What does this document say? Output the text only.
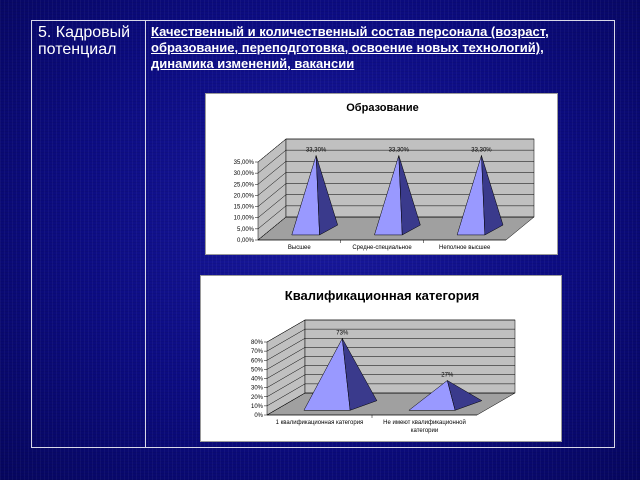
5. Кадровый потенциал
Качественный и количественный состав персонала (возраст, образование, переподготовка, освоение новых технологий), динамика изменений, вакансии
Образование
0,00%
5,00%
10,00%
15,00%
20,00%
25,00%
30,00%
35,00%
Высшее
33,30%
Средне-специальное
33,30%
Неполное высшее
33,30%
Квалификационная категория
0%
10%
20%
30%
40%
50%
60%
70%
80%
1 квалификационная категория
73%
Не имеют квалификационной категории
27%
